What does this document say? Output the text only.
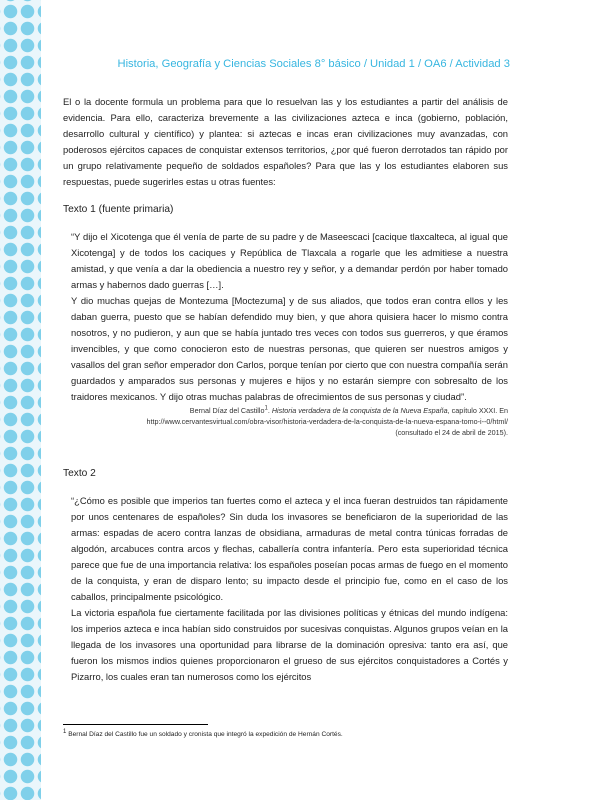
Historia, Geografía y Ciencias Sociales 8° básico / Unidad 1 / OA6 / Actividad 3

El o la docente formula un problema para que lo resuelvan las y los estudiantes a partir del análisis de evidencia. Para ello, caracteriza brevemente a las civilizaciones azteca e inca (gobierno, población, desarrollo cultural y científico) y plantea: si aztecas e incas eran civilizaciones muy avanzadas, con poderosos ejércitos capaces de conquistar extensos territorios, ¿por qué fueron derrotados tan rápido por un grupo relativamente pequeño de soldados españoles? Para que las y los estudiantes elaboren sus respuestas, puede sugerirles estas u otras fuentes:

Texto 1 (fuente primaria)

“Y dijo el Xicotenga que él venía de parte de su padre y de Maseescaci [cacique tlaxcalteca, al igual que Xicotenga] y de todos los caciques y República de Tlaxcala a rogarle que les admitiese a nuestra amistad, y que venía a dar la obediencia a nuestro rey y señor, y a demandar perdón por haber tomado armas y habernos dado guerras […].

Y dio muchas quejas de Montezuma [Moctezuma] y de sus aliados, que todos eran contra ellos y les daban guerra, puesto que se habían defendido muy bien, y que ahora quisiera hacer lo mismo contra nosotros, y no pudieron, y aun que se había juntado tres veces con todos sus guerreros, y que éramos invencibles, y que como conocieron esto de nuestras personas, que quieren ser nuestros amigos y vasallos del gran señor emperador don Carlos, porque tenían por cierto que con nuestra compañía serán guardados y amparados sus personas y mujeres e hijos y no estarán siempre con sobresalto de los traidores mexicanos. Y dijo otras muchas palabras de ofrecimientos de sus personas y ciudad”.

Bernal Díaz del Castillo$^1$. Historia verdadera de la conquista de la Nueva España, capítulo XXXI. En
http://www.cervantesvirtual.com/obra-visor/historia-verdadera-de-la-conquista-de-la-nueva-espana-tomo-i--0/html/
(consultado el 24 de abril de 2015).

Texto 2

“¿Cómo es posible que imperios tan fuertes como el azteca y el inca fueran destruidos tan rápidamente por unos centenares de españoles? Sin duda los invasores se beneficiaron de la superioridad de las armas: espadas de acero contra lanzas de obsidiana, armaduras de metal contra túnicas forradas de algodón, arcabuces contra arcos y flechas, caballería contra infantería. Pero esta superioridad técnica parece que fue de una importancia relativa: los españoles poseían pocas armas de fuego en el momento de la conquista, y eran de disparo lento; su impacto desde el principio fue, como en el caso de los caballos, principalmente psicológico.

La victoria española fue ciertamente facilitada por las divisiones políticas y étnicas del mundo indígena: los imperios azteca e inca habían sido construidos por sucesivas conquistas. Algunos grupos veían en la llegada de los invasores una oportunidad para librarse de la dominación opresiva: tanto era así, que fueron los mismos indios quienes proporcionaron el grueso de sus ejércitos conquistadores a Cortés y Pizarro, los cuales eran tan numerosos como los ejércitos

$^1$ Bernal Díaz del Castillo fue un soldado y cronista que integró la expedición de Hernán Cortés.
